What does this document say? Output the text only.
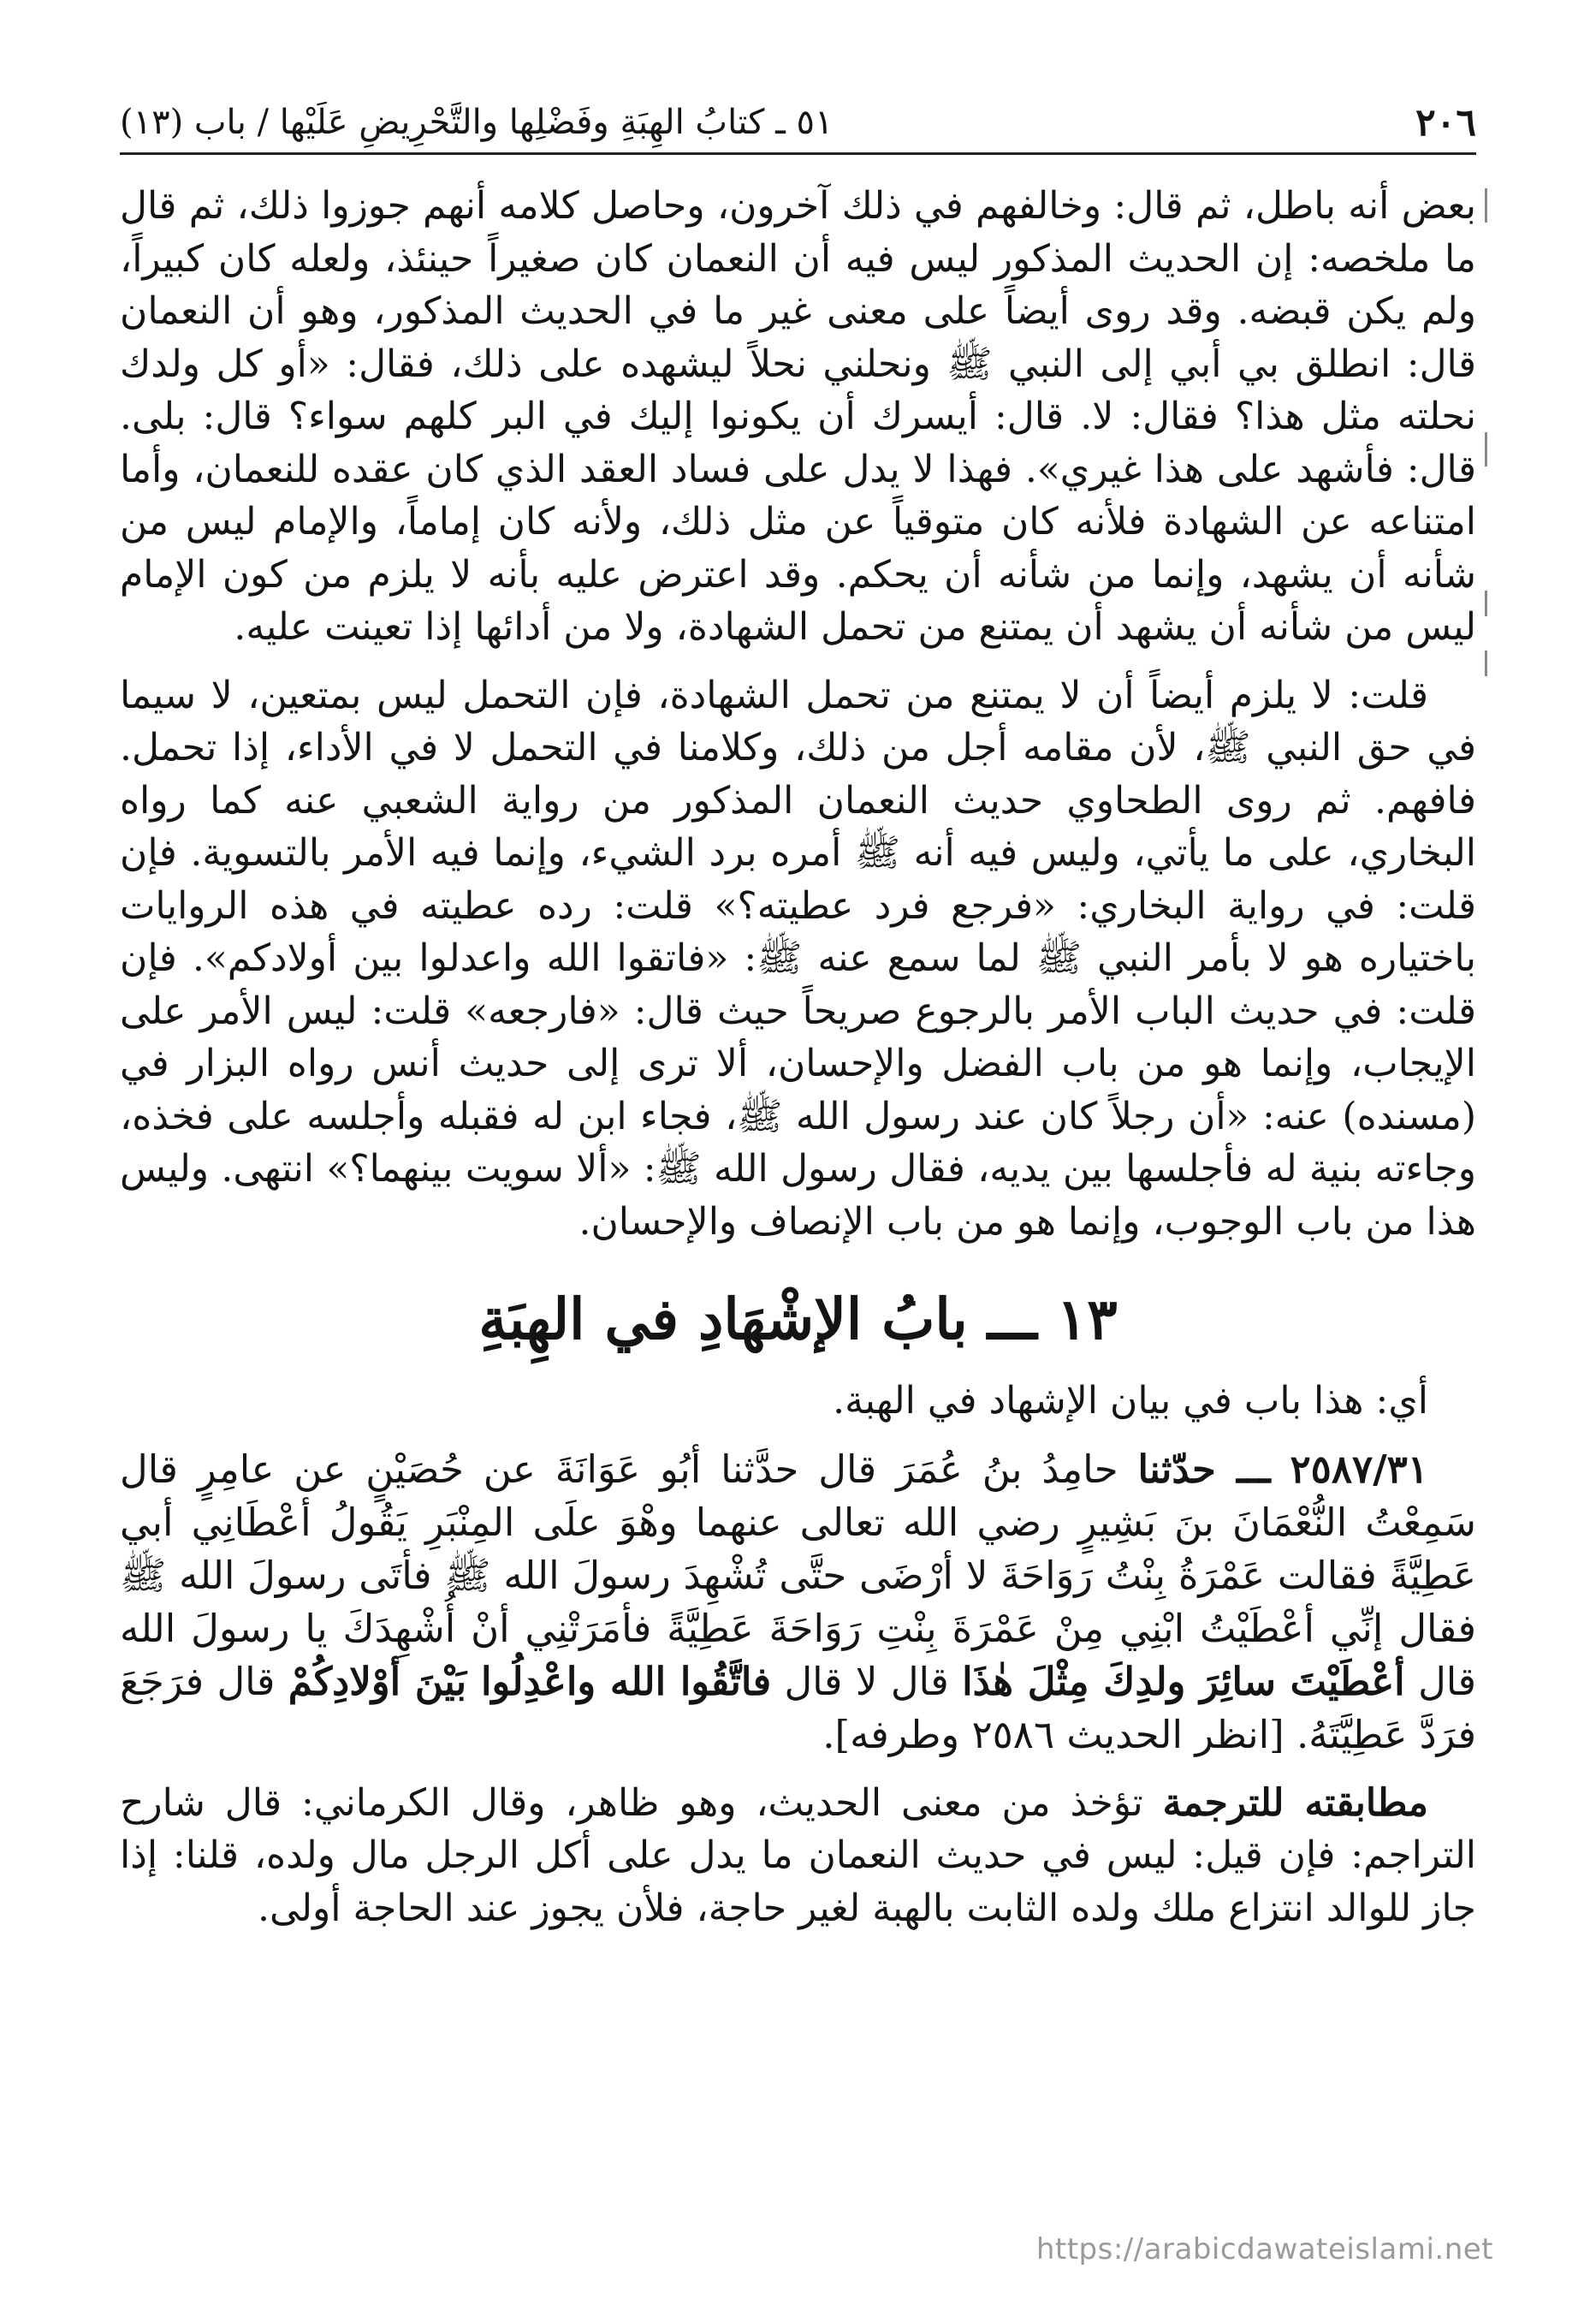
٢٠٦
٥١ ـ كتابُ الهِبَةِ وفَضْلِها والتَّحْرِيضِ عَلَيْها / باب (١٣)

بعض أنه باطل، ثم قال: وخالفهم في ذلك آخرون، وحاصل كلامه أنهم جوزوا ذلك، ثم قال ما ملخصه: إن الحديث المذكور ليس فيه أن النعمان كان صغيراً حينئذ، ولعله كان كبيراً، ولم يكن قبضه. وقد روى أيضاً على معنى غير ما في الحديث المذكور، وهو أن النعمان قال: انطلق بي أبي إلى النبي ﷺ ونحلني نحلاً ليشهده على ذلك، فقال: «أو كل ولدك نحلته مثل هذا؟ فقال: لا. قال: أيسرك أن يكونوا إليك في البر كلهم سواء؟ قال: بلى. قال: فأشهد على هذا غيري». فهذا لا يدل على فساد العقد الذي كان عقده للنعمان، وأما امتناعه عن الشهادة فلأنه كان متوقياً عن مثل ذلك، ولأنه كان إماماً، والإمام ليس من شأنه أن يشهد، وإنما من شأنه أن يحكم. وقد اعترض عليه بأنه لا يلزم من كون الإمام ليس من شأنه أن يشهد أن يمتنع من تحمل الشهادة، ولا من أدائها إذا تعينت عليه.

قلت: لا يلزم أيضاً أن لا يمتنع من تحمل الشهادة، فإن التحمل ليس بمتعين، لا سيما في حق النبي ﷺ، لأن مقامه أجل من ذلك، وكلامنا في التحمل لا في الأداء، إذا تحمل. فافهم. ثم روى الطحاوي حديث النعمان المذكور من رواية الشعبي عنه كما رواه البخاري، على ما يأتي، وليس فيه أنه ﷺ أمره برد الشيء، وإنما فيه الأمر بالتسوية. فإن قلت: في رواية البخاري: «فرجع فرد عطيته؟» قلت: رده عطيته في هذه الروايات باختياره هو لا بأمر النبي ﷺ لما سمع عنه ﷺ: «فاتقوا الله واعدلوا بين أولادكم». فإن قلت: في حديث الباب الأمر بالرجوع صريحاً حيث قال: «فارجعه» قلت: ليس الأمر على الإيجاب، وإنما هو من باب الفضل والإحسان، ألا ترى إلى حديث أنس رواه البزار في (مسنده) عنه: «أن رجلاً كان عند رسول الله ﷺ، فجاء ابن له فقبله وأجلسه على فخذه، وجاءته بنية له فأجلسها بين يديه، فقال رسول الله ﷺ: «ألا سويت بينهما؟» انتهى. وليس هذا من باب الوجوب، وإنما هو من باب الإنصاف والإحسان.

١٣ ـــ بابُ الإشْهَادِ في الهِبَةِ

أي: هذا باب في بيان الإشهاد في الهبة.

٢٥٨٧/٣١ ـــ حدّثنا حامِدُ بنُ عُمَرَ قال حدَّثنا أبُو عَوَانَةَ عن حُصَيْنٍ عن عامِرٍ قال سَمِعْتُ النُّعْمَانَ بنَ بَشِيرٍ رضي الله تعالى عنهما وهْوَ علَى المِنْبَرِ يَقُولُ أعْطَانِي أبي عَطِيَّةً فقالت عَمْرَةُ بِنْتُ رَوَاحَةَ لا أرْضَى حتَّى تُشْهِدَ رسولَ الله ﷺ فأتَى رسولَ الله ﷺ فقال إنِّي أعْطَيْتُ ابْنِي مِنْ عَمْرَةَ بِنْتِ رَوَاحَةَ عَطِيَّةً فأمَرَتْنِي أنْ أُشْهِدَكَ يا رسولَ الله قال أعْطَيْتَ سائِرَ ولدِكَ مِثْلَ هٰذَا قال لا قال فاتَّقُوا الله واعْدِلُوا بَيْنَ أوْلادِكُمْ قال فرَجَعَ فرَدَّ عَطِيَّتَهُ. [انظر الحديث ٢٥٨٦ وطرفه].

مطابقته للترجمة تؤخذ من معنى الحديث، وهو ظاهر، وقال الكرماني: قال شارح التراجم: فإن قيل: ليس في حديث النعمان ما يدل على أكل الرجل مال ولده، قلنا: إذا جاز للوالد انتزاع ملك ولده الثابت بالهبة لغير حاجة، فلأن يجوز عند الحاجة أولى.

https://arabicdawateislami.net
